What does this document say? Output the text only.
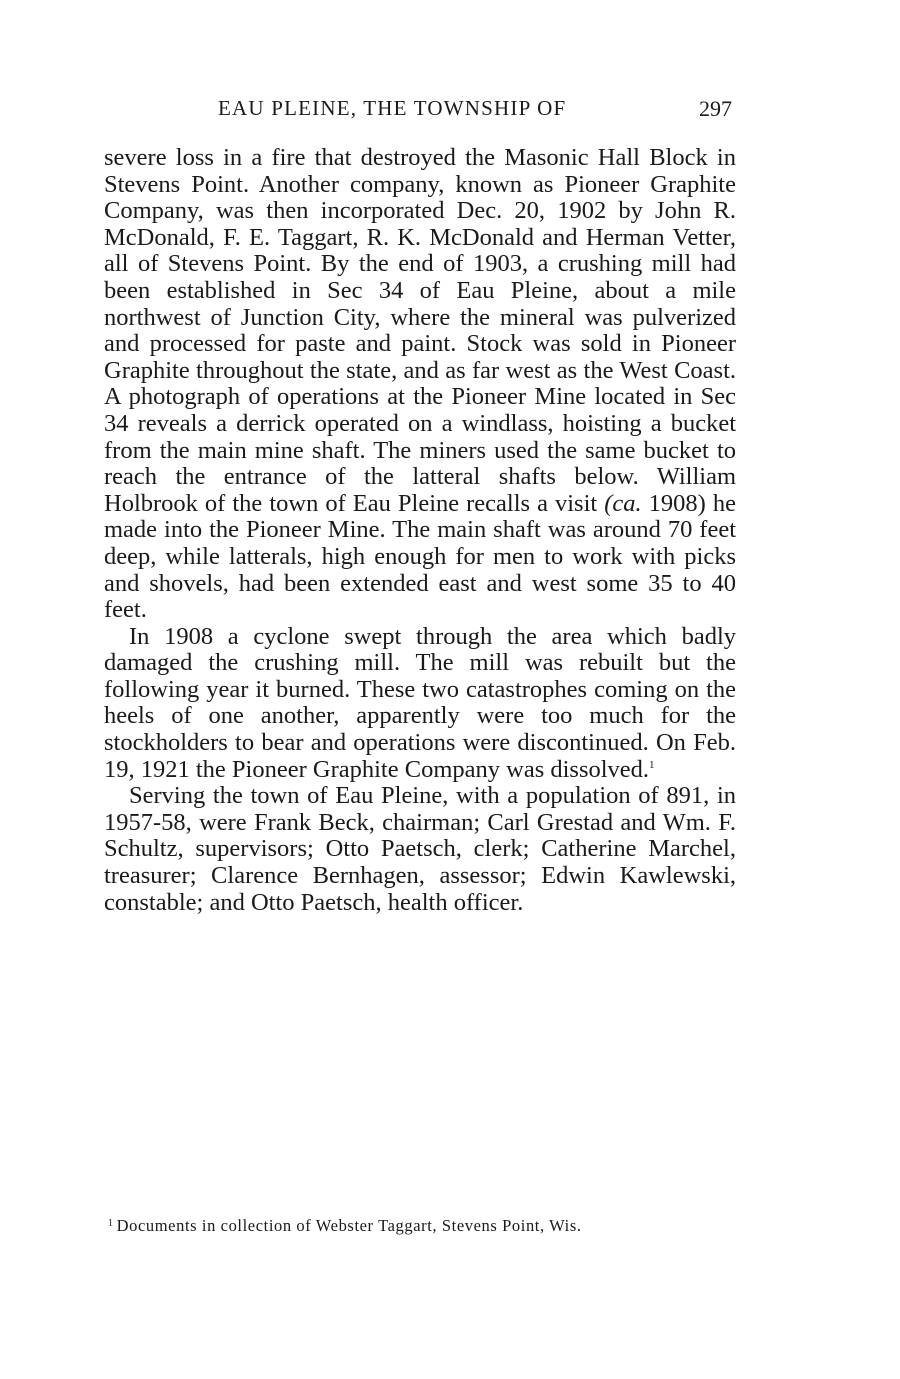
EAU PLEINE, THE TOWNSHIP OF	297

severe loss in a fire that destroyed the Masonic Hall Block in Stevens Point. Another company, known as Pioneer Graphite Company, was then incorporated Dec. 20, 1902 by John R. McDonald, F. E. Taggart, R. K. McDonald and Herman Vetter, all of Stevens Point. By the end of 1903, a crushing mill had been established in Sec 34 of Eau Pleine, about a mile northwest of Junction City, where the mineral was pulverized and processed for paste and paint. Stock was sold in Pioneer Graphite throughout the state, and as far west as the West Coast. A photograph of operations at the Pioneer Mine located in Sec 34 reveals a derrick operated on a windlass, hoisting a bucket from the main mine shaft. The miners used the same bucket to reach the entrance of the latteral shafts below. William Holbrook of the town of Eau Pleine recalls a visit (ca. 1908) he made into the Pioneer Mine. The main shaft was around 70 feet deep, while latterals, high enough for men to work with picks and shovels, had been extended east and west some 35 to 40 feet.

In 1908 a cyclone swept through the area which badly damaged the crushing mill. The mill was rebuilt but the following year it burned. These two catastrophes coming on the heels of one another, apparently were too much for the stockholders to bear and operations were discontinued. On Feb. 19, 1921 the Pioneer Graphite Company was dissolved.$^1$

Serving the town of Eau Pleine, with a population of 891, in 1957-58, were Frank Beck, chairman; Carl Grestad and Wm. F. Schultz, supervisors; Otto Paetsch, clerk; Catherine Marchel, treasurer; Clarence Bernhagen, assessor; Edwin Kawlewski, constable; and Otto Paetsch, health officer.

$^1$ Documents in collection of Webster Taggart, Stevens Point, Wis.
